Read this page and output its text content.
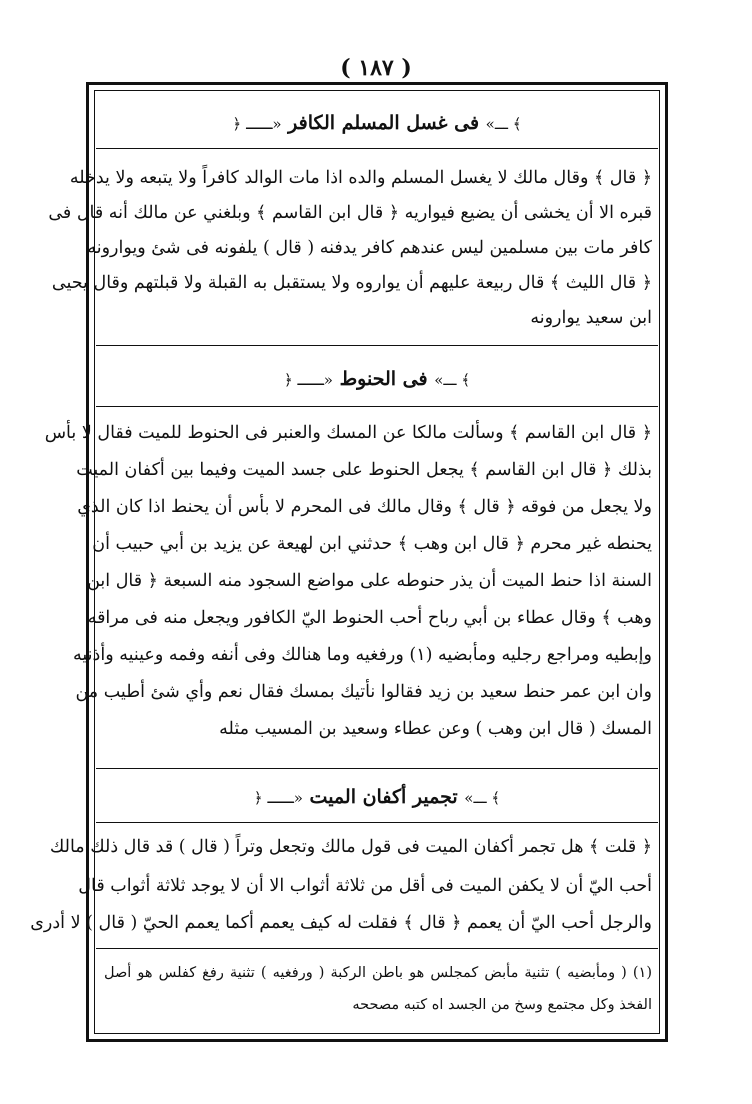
( ١٨٧ )
﴾ ـــ» فى غسل المسلم الكافر «ـــ ﴿
﴿ قال ﴾ وقال مالك لا يغسل المسلم والده اذا مات الوالد كافراً ولا يتبعه ولا يدخله
قبره الا أن يخشى أن يضيع فيواريه ﴿ قال ابن القاسم ﴾ وبلغني عن مالك أنه قال فى
كافر مات بين مسلمين ليس عندهم كافر يدفنه ( قال ) يلفونه فى شئ ويوارونه
﴿ قال الليث ﴾ قال ربيعة عليهم أن يواروه ولا يستقبل به القبلة ولا قبلتهم وقال يحيى
ابن سعيد يوارونه
﴾ ـــ» فى الحنوط «ـــ ﴿
﴿ قال ابن القاسم ﴾ وسألت مالكا عن المسك والعنبر فى الحنوط للميت فقال لا بأس
بذلك ﴿ قال ابن القاسم ﴾ يجعل الحنوط على جسد الميت وفيما بين أكفان الميت
ولا يجعل من فوقه ﴿ قال ﴾ وقال مالك فى المحرم لا بأس أن يحنط اذا كان الذي
يحنطه غير محرم ﴿ قال ابن وهب ﴾ حدثني ابن لهيعة عن يزيد بن أبي حبيب أن
السنة اذا حنط الميت أن يذر حنوطه على مواضع السجود منه السبعة ﴿ قال ابن
وهب ﴾ وقال عطاء بن أبي رباح أحب الحنوط اليّ الكافور ويجعل منه فى مراقه
وإبطيه ومراجع رجليه ومأبضيه (١) ورفغيه وما هنالك وفى أنفه وفمه وعينيه وأذنيه
وان ابن عمر حنط سعيد بن زيد فقالوا نأتيك بمسك فقال نعم وأي شئ أطيب من
المسك ( قال ابن وهب ) وعن عطاء وسعيد بن المسيب مثله
﴾ ـــ» تجمير أكفان الميت «ـــ ﴿
﴿ قلت ﴾ هل تجمر أكفان الميت فى قول مالك وتجعل وتراً ( قال ) قد قال ذلك مالك
أحب اليّ أن لا يكفن الميت فى أقل من ثلاثة أثواب الا أن لا يوجد ثلاثة أثواب قال
والرجل أحب اليّ أن يعمم ﴿ قال ﴾ فقلت له كيف يعمم أكما يعمم الحيّ ( قال ) لا أدرى
(١) ( ومأبضيه ) تثنية مأبض كمجلس هو باطن الركبة ( ورفغيه ) تثنية رفغ كفلس هو أصل
الفخذ وكل مجتمع وسخ من الجسد اه كتبه مصححه
